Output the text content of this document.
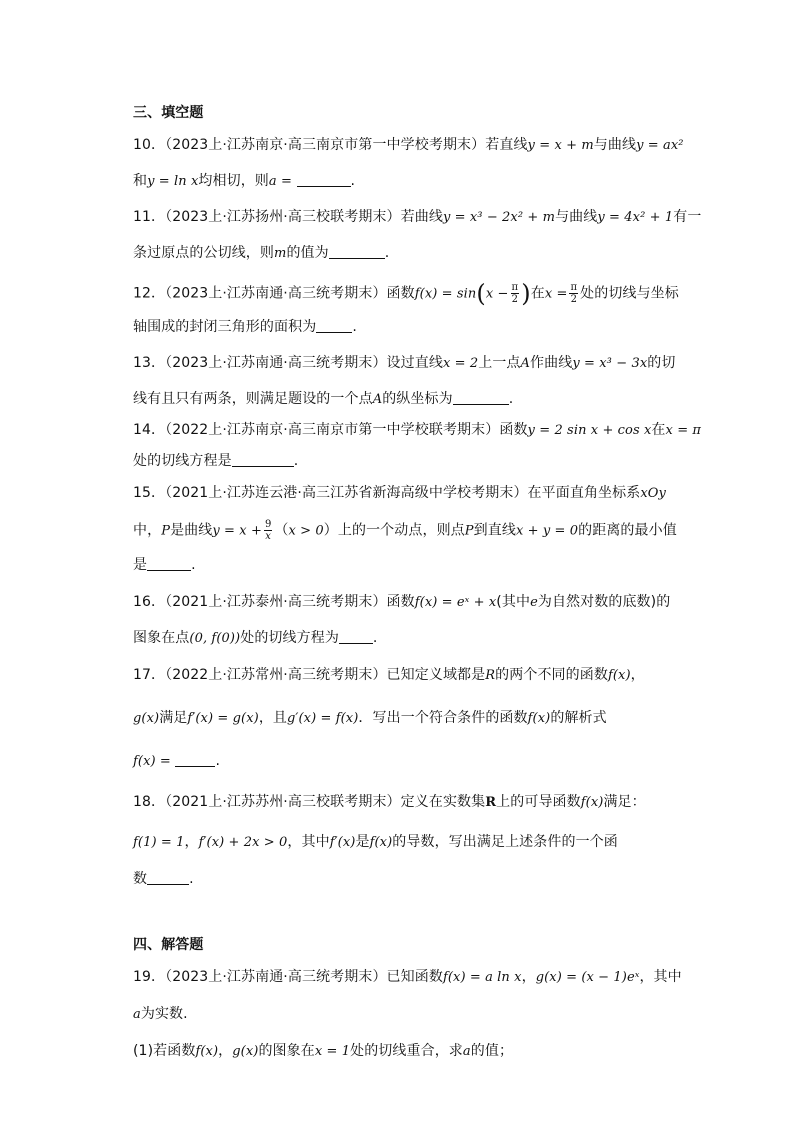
三、填空题
10．（2023上·江苏南京·高三南京市第一中学校考期末）若直线y = x + m与曲线y = ax²
和y = ln x均相切，则a =	.
11．（2023上·江苏扬州·高三校联考期末）若曲线y = x³ − 2x² + m与曲线y = 4x² + 1有一
条过原点的公切线，则m的值为	.
12．（2023上·江苏南通·高三统考期末）函数$f(x) = \sin(x - \frac{\pi}{2}$ )在$x = \frac{\pi}{2}$ 处的切线与坐标
轴围成的封闭三角形的面积为	.
13．（2023上·江苏南通·高三统考期末）设过直线x = 2上一点A作曲线y = x³ − 3x的切
线有且只有两条，则满足题设的一个点A的纵坐标为	.
14．（2022上·江苏南京·高三南京市第一中学校联考期末）函数y = 2 sin x + cos x在x = π
处的切线方程是	.
15．（2021上·江苏连云港·高三江苏省新海高级中学校考期末）在平面直角坐标系xOy
中，P是曲线$y = x + \frac{9}{x} (x > 0)$上的一个动点，则点P到直线x + y = 0的距离的最小值
是	.
16．（2021上·江苏泰州·高三统考期末）函数f(x) = eˣ + x(其中e为自然对数的底数)的
图象在点(0, f(0))处的切线方程为 .
17．（2022上·江苏常州·高三统考期末）已知定义域都是R的两个不同的函数f(x)，
g(x)满足f′(x) = g(x)，且g′(x) = f(x)．写出一个符合条件的函数f(x)的解析式
f(x) =	.
18．（2021上·江苏苏州·高三校联考期末）定义在实数集R上的可导函数f(x)满足：
f(1) = 1，f′(x) + 2x > 0，其中f′(x)是f(x)的导数，写出满足上述条件的一个函
数	.
四、解答题
19．（2023上·江苏南通·高三统考期末）已知函数f(x) = a ln x，g(x) = (x − 1)eˣ，其中
a为实数.
(1)若函数f(x)，g(x)的图象在x = 1处的切线重合，求a的值；
